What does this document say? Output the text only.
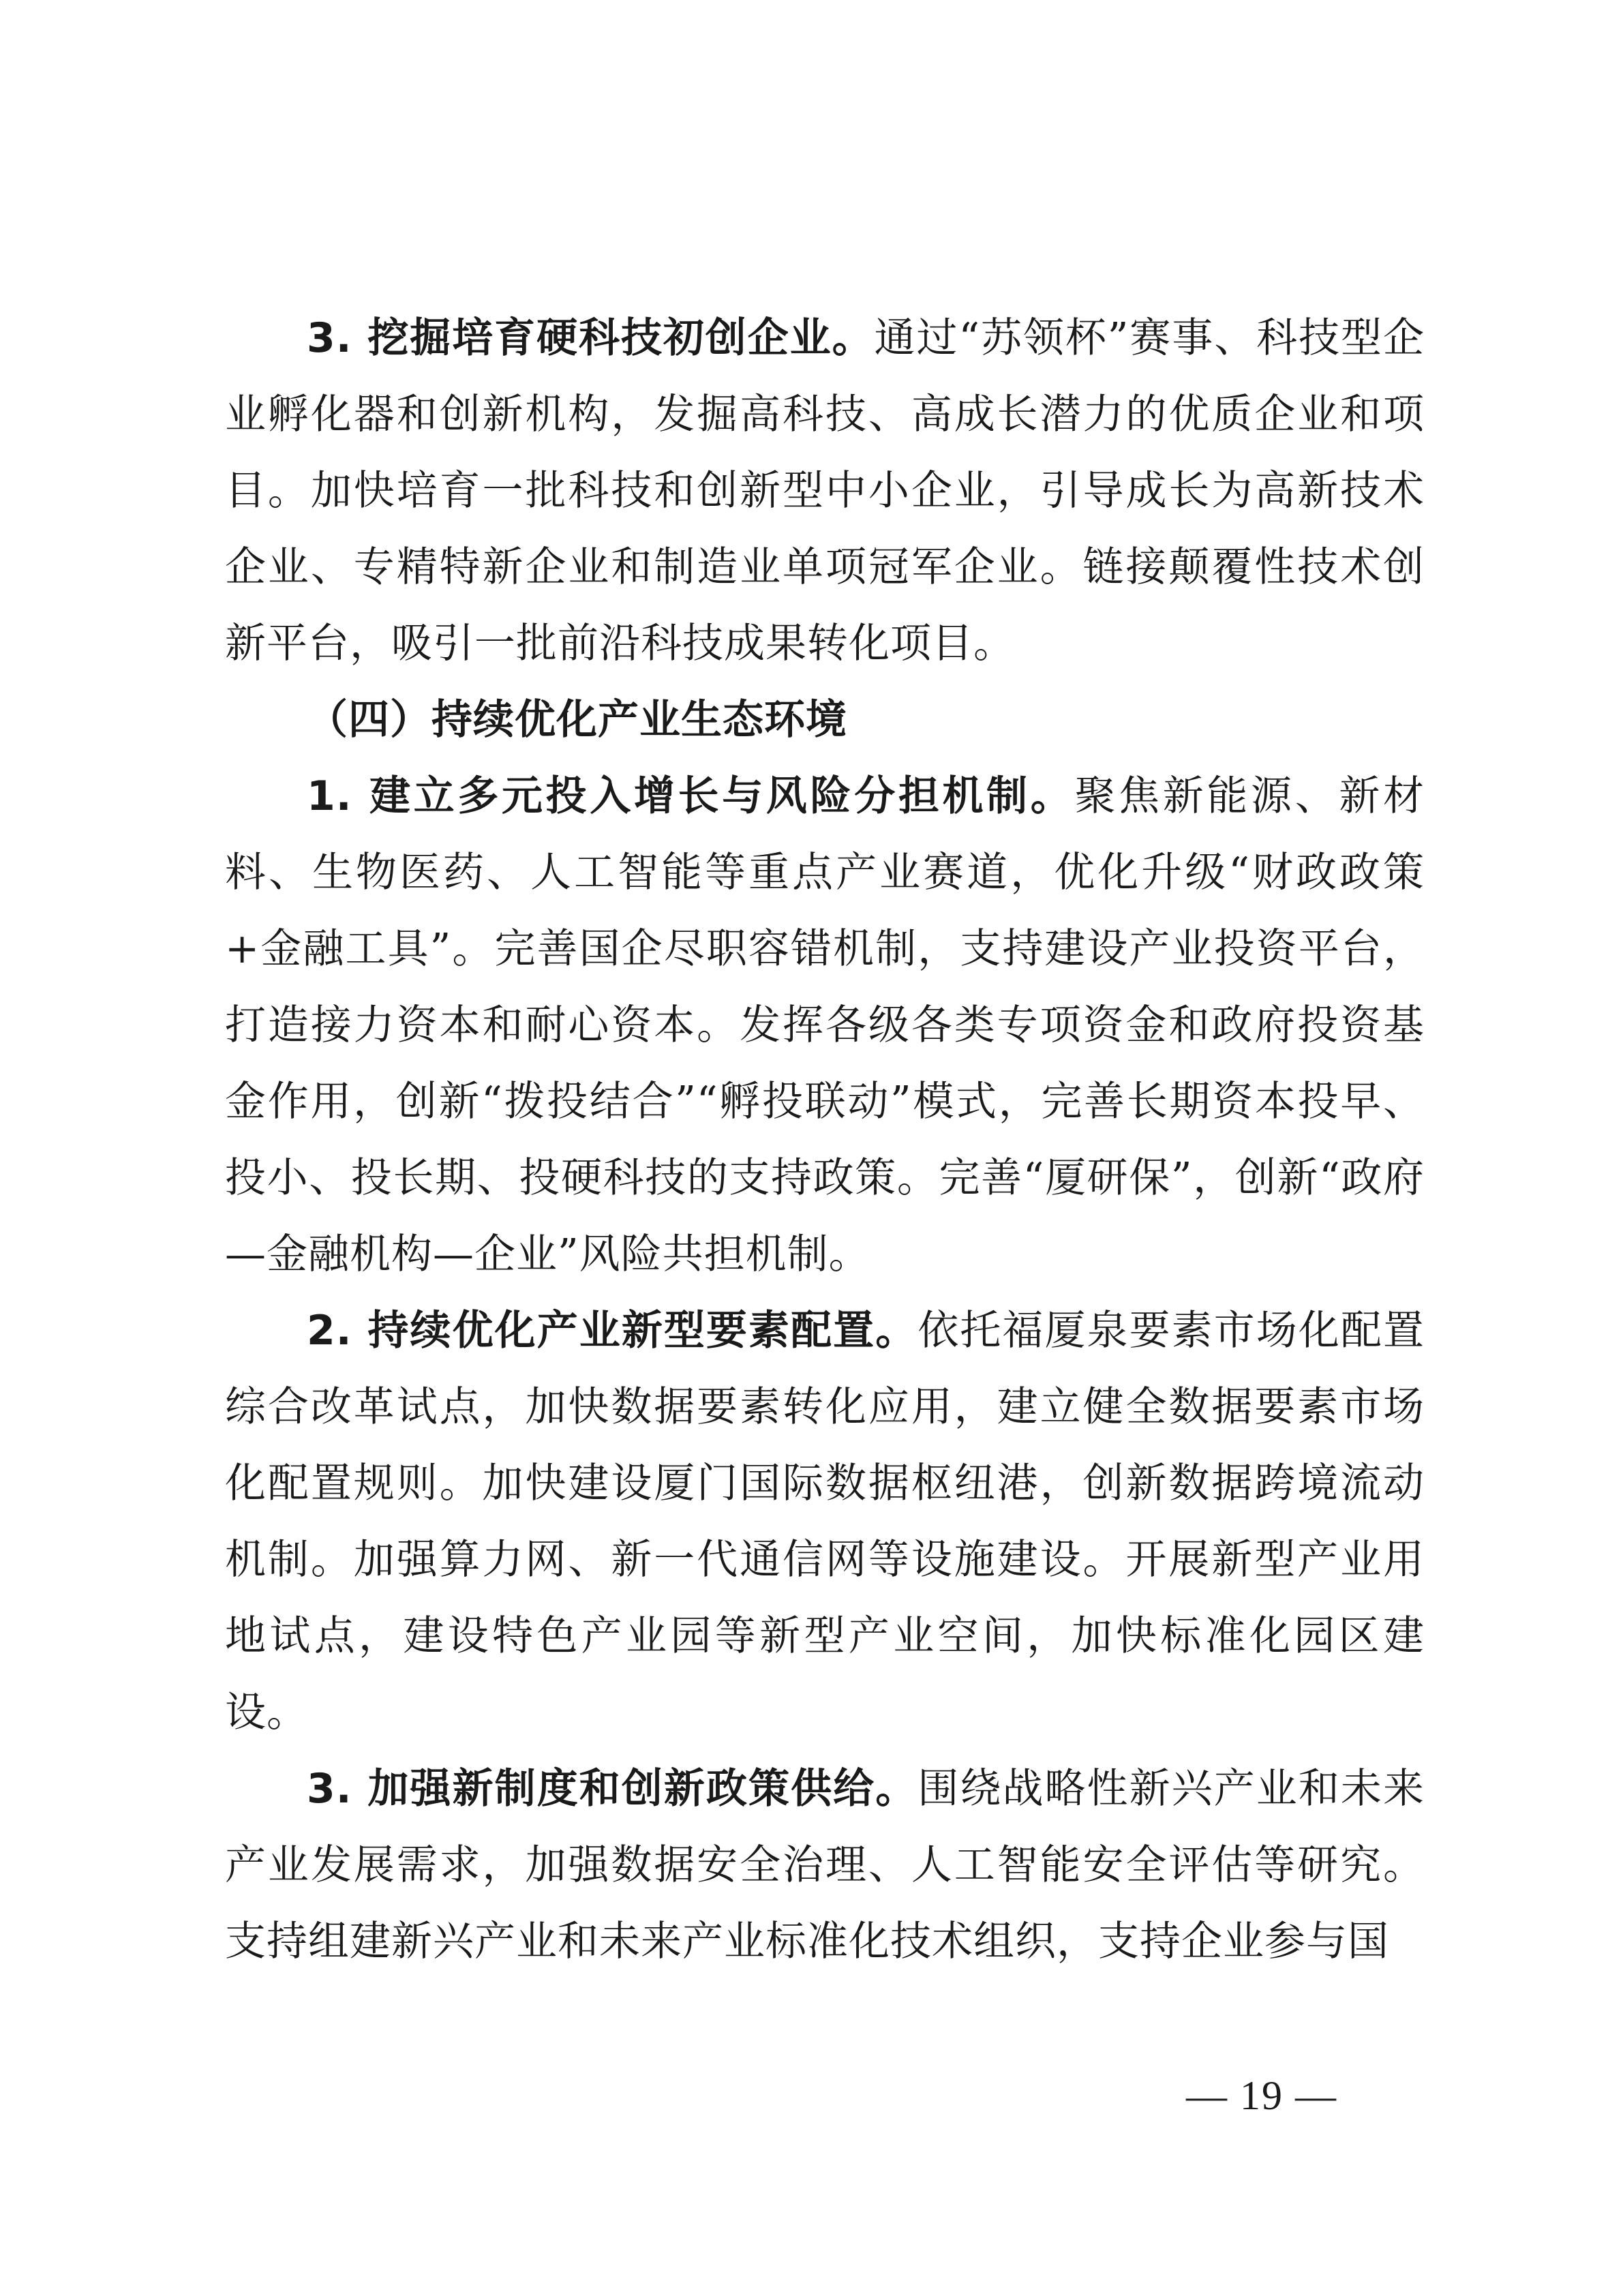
3. 挖掘培育硬科技初创企业。通过“苏领杯”赛事、科技型企业孵化器和创新机构，发掘高科技、高成长潜力的优质企业和项目。加快培育一批科技和创新型中小企业，引导成长为高新技术企业、专精特新企业和制造业单项冠军企业。链接颠覆性技术创新平台，吸引一批前沿科技成果转化项目。

（四）持续优化产业生态环境

1. 建立多元投入增长与风险分担机制。聚焦新能源、新材料、生物医药、人工智能等重点产业赛道，优化升级“财政政策+金融工具”。完善国企尽职容错机制，支持建设产业投资平台，打造接力资本和耐心资本。发挥各级各类专项资金和政府投资基金作用，创新“拨投结合”“孵投联动”模式，完善长期资本投早、投小、投长期、投硬科技的支持政策。完善“厦研保”，创新“政府—金融机构—企业”风险共担机制。

2. 持续优化产业新型要素配置。依托福厦泉要素市场化配置综合改革试点，加快数据要素转化应用，建立健全数据要素市场化配置规则。加快建设厦门国际数据枢纽港，创新数据跨境流动机制。加强算力网、新一代通信网等设施建设。开展新型产业用地试点，建设特色产业园等新型产业空间，加快标准化园区建设。

3. 加强新制度和创新政策供给。围绕战略性新兴产业和未来产业发展需求，加强数据安全治理、人工智能安全评估等研究。支持组建新兴产业和未来产业标准化技术组织，支持企业参与国

— 19 —
